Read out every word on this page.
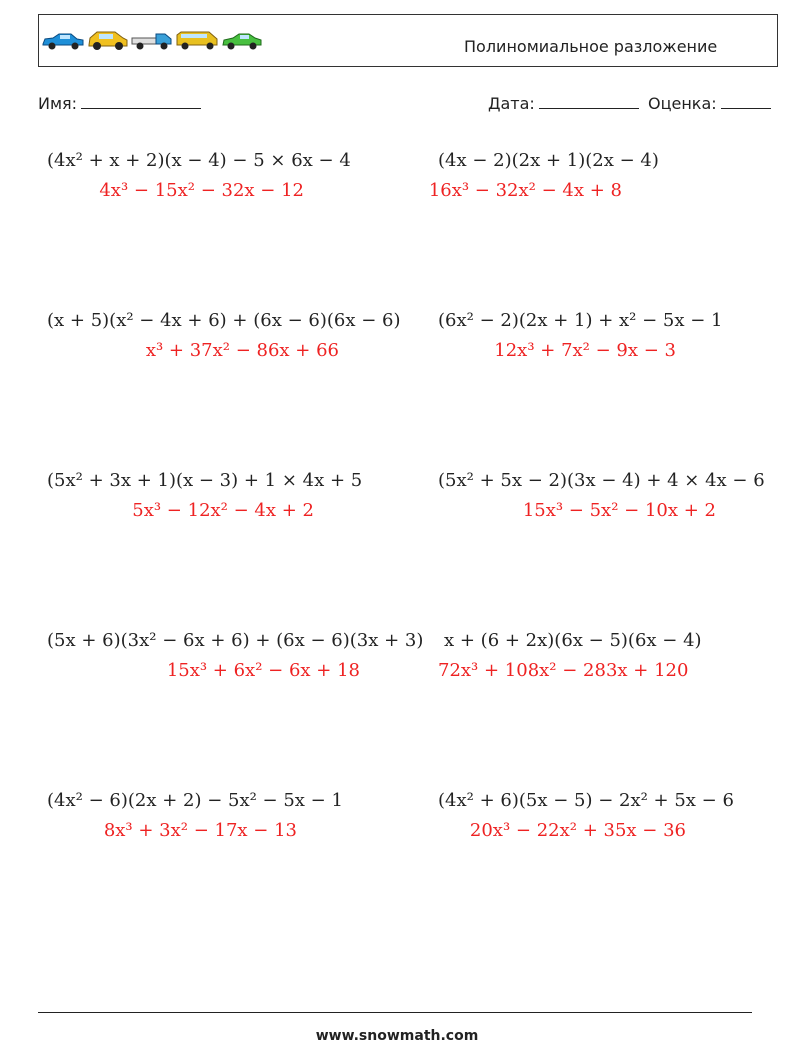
Полиномиальное разложение
Имя:	Дата:	Оценка:
(4x² + x + 2)(x − 4) − 5 × 6x − 4
4x³ − 15x² − 32x − 12
(4x − 2)(2x + 1)(2x − 4)
16x³ − 32x² − 4x + 8
(x + 5)(x² − 4x + 6) + (6x − 6)(6x − 6)
x³ + 37x² − 86x + 66
(6x² − 2)(2x + 1) + x² − 5x − 1
12x³ + 7x² − 9x − 3
(5x² + 3x + 1)(x − 3) + 1 × 4x + 5
5x³ − 12x² − 4x + 2
(5x² + 5x − 2)(3x − 4) + 4 × 4x − 6
15x³ − 5x² − 10x + 2
(5x + 6)(3x² − 6x + 6) + (6x − 6)(3x + 3)
15x³ + 6x² − 6x + 18
x + (6 + 2x)(6x − 5)(6x − 4)
72x³ + 108x² − 283x + 120
(4x² − 6)(2x + 2) − 5x² − 5x − 1
8x³ + 3x² − 17x − 13
(4x² + 6)(5x − 5) − 2x² + 5x − 6
20x³ − 22x² + 35x − 36
www.snowmath.com
